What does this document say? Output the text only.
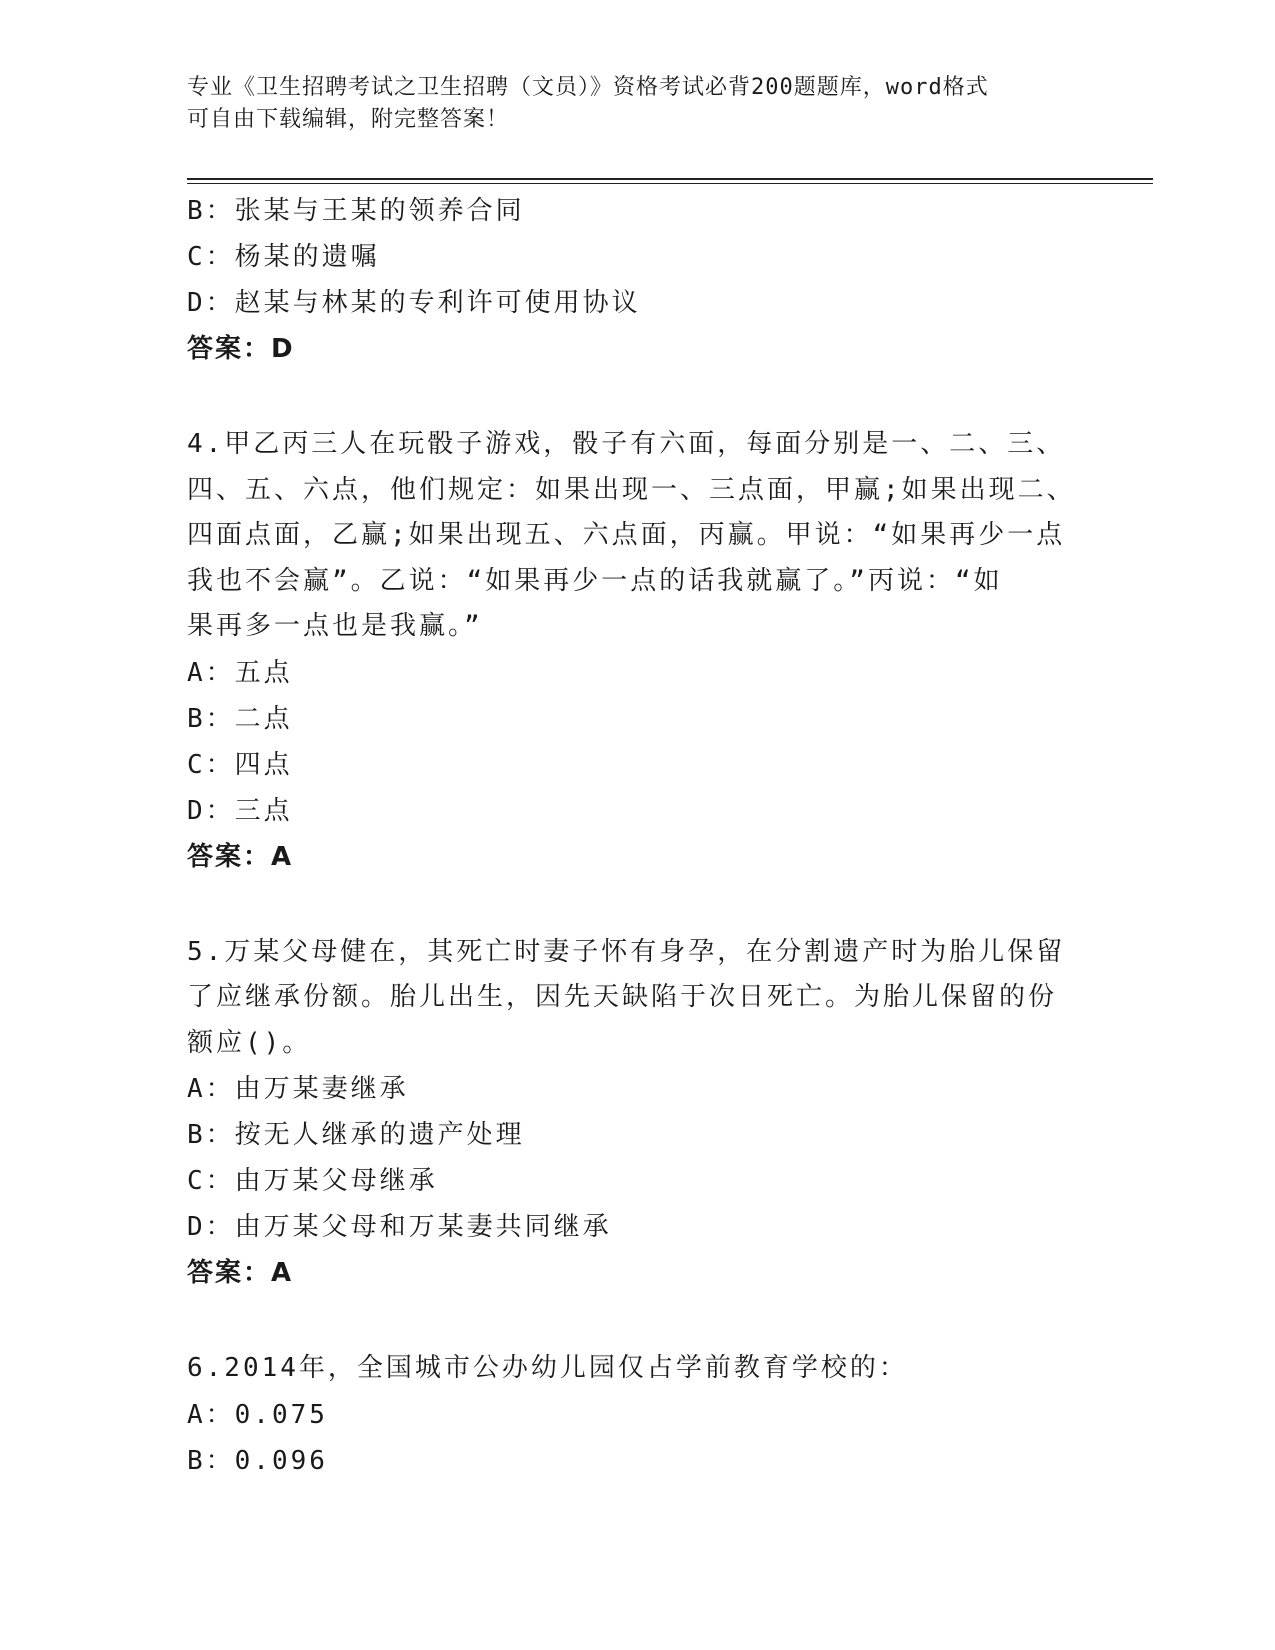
专业《卫生招聘考试之卫生招聘（文员）》资格考试必背200题题库，word格式
可自由下载编辑，附完整答案！
B：张某与王某的领养合同
C：杨某的遗嘱
D：赵某与林某的专利许可使用协议
答案：D
4.甲乙丙三人在玩骰子游戏，骰子有六面，每面分别是一、二、三、
四、五、六点，他们规定：如果出现一、三点面，甲赢;如果出现二、
四面点面，乙赢;如果出现五、六点面，丙赢。甲说：“如果再少一点
我也不会赢”。乙说：“如果再少一点的话我就赢了。”丙说：“如
果再多一点也是我赢。”
A：五点
B：二点
C：四点
D：三点
答案：A
5.万某父母健在，其死亡时妻子怀有身孕，在分割遗产时为胎儿保留
了应继承份额。胎儿出生，因先天缺陷于次日死亡。为胎儿保留的份
额应()。
A：由万某妻继承
B：按无人继承的遗产处理
C：由万某父母继承
D：由万某父母和万某妻共同继承
答案：A
6.2014年，全国城市公办幼儿园仅占学前教育学校的：
A：0.075
B：0.096
